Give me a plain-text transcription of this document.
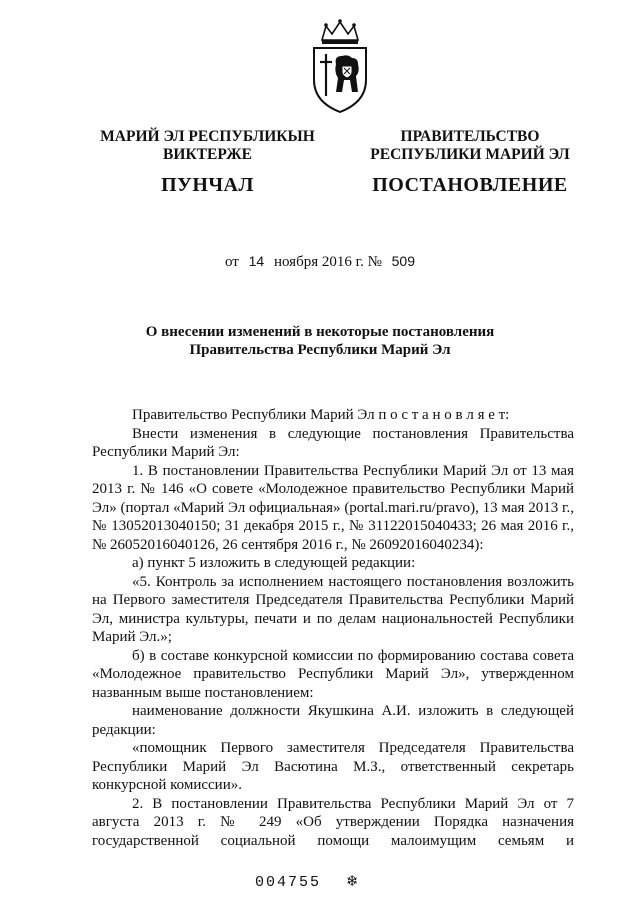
МАРИЙ ЭЛ РЕСПУБЛИКЫН
ВИКТЕРЖЕ
ПУНЧАЛ
ПРАВИТЕЛЬСТВО
РЕСПУБЛИКИ МАРИЙ ЭЛ
ПОСТАНОВЛЕНИЕ
от 14 ноября 2016 г. № 509
О внесении изменений в некоторые постановления
Правительства Республики Марий Эл
Правительство Республики Марий Эл п о с т а н о в л я е т:
Внести изменения в следующие постановления Правительства Республики Марий Эл:
1. В постановлении Правительства Республики Марий Эл от 13 мая 2013 г. № 146 «О совете «Молодежное правительство Республики Марий Эл» (портал «Марий Эл официальная» (portal.mari.ru/pravo), 13 мая 2013 г., № 13052013040150; 31 декабря 2015 г., № 31122015040433; 26 мая 2016 г., № 26052016040126, 26 сентября 2016 г., № 26092016040234):
а) пункт 5 изложить в следующей редакции:
«5. Контроль за исполнением настоящего постановления возложить на Первого заместителя Председателя Правительства Республики Марий Эл, министра культуры, печати и по делам национальностей Республики Марий Эл.»;
б) в составе конкурсной комиссии по формированию состава совета «Молодежное правительство Республики Марий Эл», утвержденном названным выше постановлением:
наименование должности Якушкина А.И. изложить в следующей редакции:
«помощник Первого заместителя Председателя Правительства Республики Марий Эл Васютина М.З., ответственный секретарь конкурсной комиссии».
2. В постановлении Правительства Республики Марий Эл от 7 августа 2013 г. № 249 «Об утверждении Порядка назначения государственной социальной помощи малоимущим семьям и
004755 ❄
